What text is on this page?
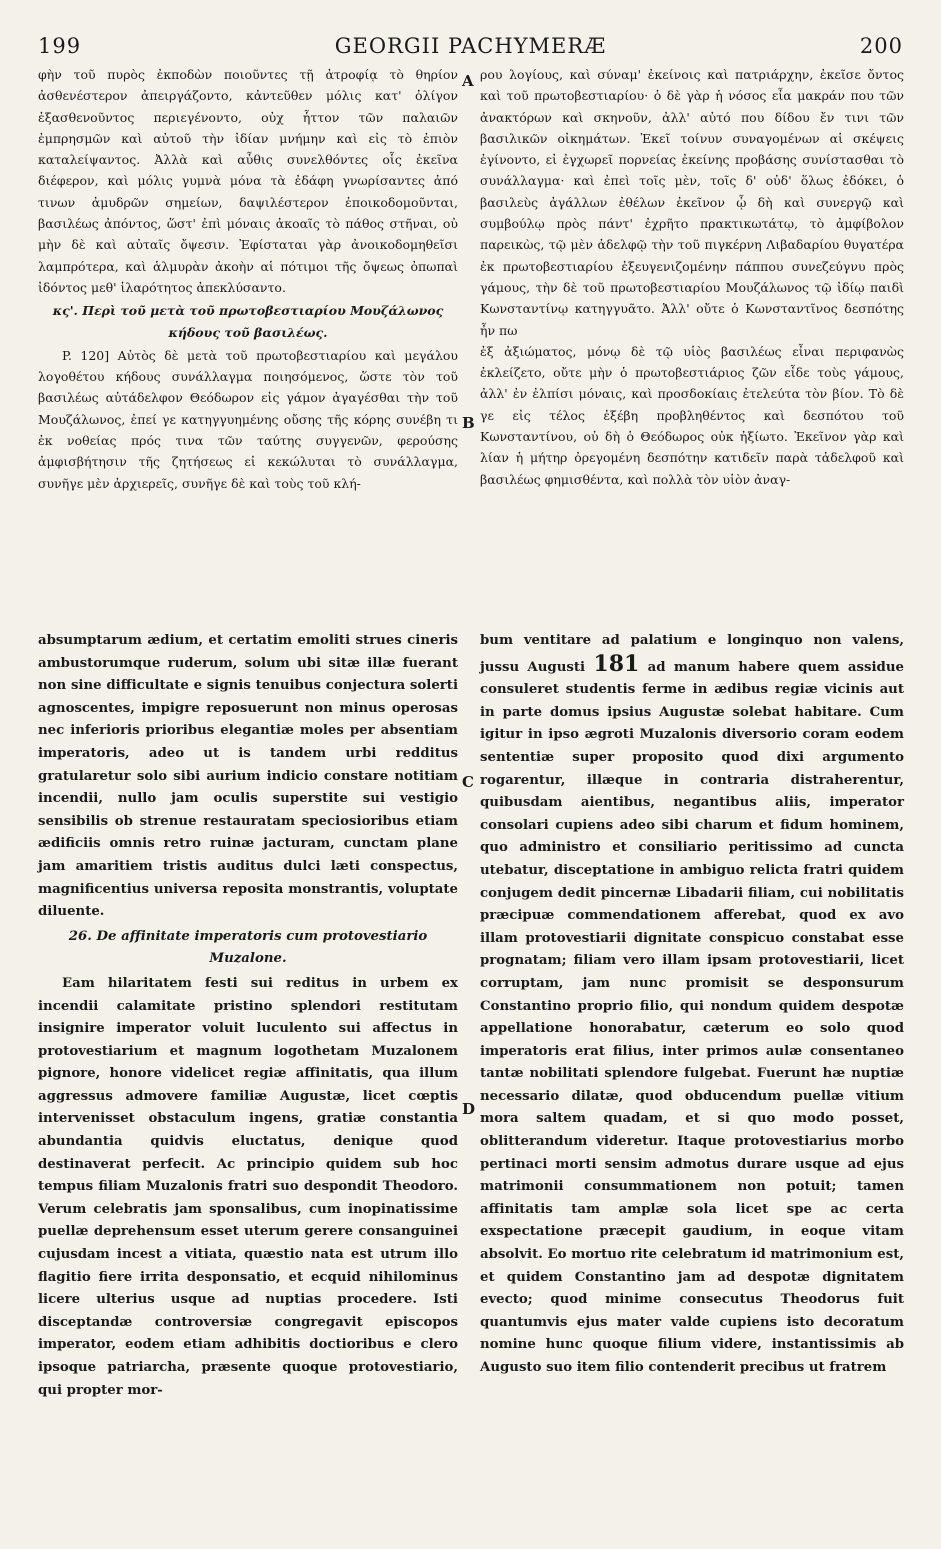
199	GEORGII PACHYMERÆ	200
A
B
C
D

φὴν τοῦ πυρὸς ἐκποδὼν ποιοῦντες τῇ ἀτροφίᾳ τὸ θηρίον ἀσθενέστερον ἀπειργάζοντο, κἀντεῦθεν μόλις κατ' ὀλίγον ἐξασθενοῦντος περιεγένοντο, οὐχ ἧττον τῶν παλαιῶν ἐμπρησμῶν καὶ αὐτοῦ τὴν ἰδίαν μνήμην καὶ εἰς τὸ ἐπιὸν καταλείψαντος. Ἀλλὰ καὶ αὖθις συνελθόντες οἷς ἐκεῖνα διέφερον, καὶ μόλις γυμνὰ μόνα τὰ ἐδάφη γνωρίσαντες ἀπό τινων ἀμυδρῶν σημείων, δαψιλέστερον ἐποικοδομοῦνται, βασιλέως ἀπόντος, ὥστ' ἐπὶ μόναις ἀκοαῖς τὸ πάθος στῆναι, οὐ μὴν δὲ καὶ αὐταῖς ὄψεσιν. Ἐφίσταται γὰρ ἀνοικοδομηθεῖσι λαμπρότερα, καὶ ἁλμυρὰν ἀκοὴν αἱ πότιμοι τῆς ὄψεως ὀπωπαὶ ἰδόντος μεθ' ἱλαρότητος ἀπεκλύσαντο.

κς'. Περὶ τοῦ μετὰ τοῦ πρωτοβεστιαρίου Μουζάλωνος κήδους τοῦ βασιλέως.

P. 120] Αὐτὸς δὲ μετὰ τοῦ πρωτοβεστιαρίου καὶ μεγάλου λογοθέτου κήδους συνάλλαγμα ποιησόμενος, ὥστε τὸν τοῦ βασιλέως αὐτάδελφον Θεόδωρον εἰς γάμον ἀγαγέσθαι τὴν τοῦ Μουζάλωνος, ἐπεί γε κατηγγυημένης οὔσης τῆς κόρης συνέβη τι ἐκ νοθείας πρός τινα τῶν ταύτης συγγενῶν, φερούσης ἀμφισβήτησιν τῆς ζητήσεως εἰ κεκώλυται τὸ συνάλλαγμα, συνῆγε μὲν ἀρχιερεῖς, συνῆγε δὲ καὶ τοὺς τοῦ κλή-

ρου λογίους, καὶ σύναμ' ἐκείνοις καὶ πατριάρχην, ἐκεῖσε ὄντος καὶ τοῦ πρωτοβεστιαρίου· ὁ δὲ γὰρ ἡ νόσος εἶα μακράν που τῶν ἀνακτόρων καὶ σκηνοῦν, ἀλλ' αὐτό που δίδου ἔν τινι τῶν βασιλικῶν οἰκημάτων. Ἐκεῖ τοίνυν συναγομένων αἱ σκέψεις ἐγίνοντο, εἰ ἐγχωρεῖ πορνείας ἐκείνης προβάσης συνίστασθαι τὸ συνάλλαγμα· καὶ ἐπεὶ τοῖς μὲν, τοῖς δ' οὐδ' ὅλως ἐδόκει, ὁ βασιλεὺς ἀγάλλων ἐθέλων ἐκεῖνον ᾧ δὴ καὶ συνεργῷ καὶ συμβούλῳ πρὸς πάντ' ἐχρῆτο πρακτικωτάτῳ, τὸ ἀμφίβολον παρεικὼς, τῷ μὲν ἀδελφῷ τὴν τοῦ πιγκέρνη Λιβαδαρίου θυγατέρα ἐκ πρωτοβεστιαρίου ἐξευγενιζομένην πάππου συνεζεύγνυ πρὸς γάμους, τὴν δὲ τοῦ πρωτοβεστιαρίου Μουζάλωνος τῷ ἰδίῳ παιδὶ Κωνσταντίνῳ κατηγγυᾶτο. Ἀλλ' οὔτε ὁ Κωνσταντῖνος δεσπότης ἦν πω

ἐξ ἀξιώματος, μόνῳ δὲ τῷ υἱὸς βασιλέως εἶναι περιφανὼς ἐκλείζετο, οὔτε μὴν ὁ πρωτοβεστιάριος ζῶν εἶδε τοὺς γάμους, ἀλλ' ἐν ἐλπίσι μόναις, καὶ προσδοκίαις ἐτελεύτα τὸν βίον. Τὸ δὲ γε εἰς τέλος ἐξέβη προβληθέντος καὶ δεσπότου τοῦ Κωνσταντίνου, οὐ δὴ ὁ Θεόδωρος οὐκ ἠξίωτο. Ἐκεῖνον γὰρ καὶ λίαν ἡ μήτηρ ὀρεγομένη δεσπότην κατιδεῖν παρὰ τἀδελφοῦ καὶ βασιλέως φημισθέντα, καὶ πολλὰ τὸν υἱὸν ἀναγ-

absumptarum ædium, et certatim emoliti strues cineris ambustorumque ruderum, solum ubi sitæ illæ fuerant non sine difficultate e signis tenuibus conjectura solerti agnoscentes, impigre reposuerunt non minus operosas nec inferioris prioribus elegantiæ moles per absentiam imperatoris, adeo ut is tandem urbi redditus gratularetur solo sibi aurium indicio constare notitiam incendii, nullo jam oculis superstite sui vestigio sensibilis ob strenue restauratam speciosioribus etiam ædificiis omnis retro ruinæ jacturam, cunctam plane jam amaritiem tristis auditus dulci læti conspectus, magnificentius universa reposita monstrantis, voluptate diluente.

26. De affinitate imperatoris cum protovestiario Muzalone.

Eam hilaritatem festi sui reditus in urbem ex incendii calamitate pristino splendori restitutam insignire imperator voluit luculento sui affectus in protovestiarium et magnum logothetam Muzalonem pignore, honore videlicet regiæ affinitatis, qua illum aggressus admovere familiæ Augustæ, licet cœptis intervenisset obstaculum ingens, gratiæ constantia abundantia quidvis eluctatus, denique quod destinaverat perfecit. Ac principio quidem sub hoc tempus filiam Muzalonis fratri suo despondit Theodoro. Verum celebratis jam sponsalibus, cum inopinatissime puellæ deprehensum esset uterum gerere consanguinei cujusdam incest a vitiata, quæstio nata est utrum illo flagitio fiere irrita desponsatio, et ecquid nihilominus licere ulterius usque ad nuptias procedere. Isti disceptandæ controversiæ congregavit episcopos imperator, eodem etiam adhibitis doctioribus e clero ipsoque patriarcha, præsente quoque protovestiario, qui propter mor-

bum ventitare ad palatium e longinquo non valens, jussu Augusti 181 ad manum habere quem assidue consuleret studentis ferme in ædibus regiæ vicinis aut in parte domus ipsius Augustæ solebat habitare. Cum igitur in ipso ægroti Muzalonis diversorio coram eodem sententiæ super proposito quod dixi argumento rogarentur, illæque in contraria distraherentur, quibusdam aientibus, negantibus aliis, imperator consolari cupiens adeo sibi charum et fidum hominem, quo administro et consiliario peritissimo ad cuncta utebatur, disceptatione in ambiguo relicta fratri quidem conjugem dedit pincernæ Libadarii filiam, cui nobilitatis præcipuæ commendationem afferebat, quod ex avo illam protovestiarii dignitate conspicuo constabat esse prognatam; filiam vero illam ipsam protovestiarii, licet corruptam, jam nunc promisit se desponsurum Constantino proprio filio, qui nondum quidem despotæ appellatione honorabatur, cæterum eo solo quod imperatoris erat filius, inter primos aulæ consentaneo tantæ nobilitati splendore fulgebat. Fuerunt hæ nuptiæ necessario dilatæ, quod obducendum puellæ vitium mora saltem quadam, et si quo modo posset, oblitterandum videretur. Itaque protovestiarius morbo pertinaci morti sensim admotus durare usque ad ejus matrimonii consummationem non potuit; tamen affinitatis tam amplæ sola licet spe ac certa exspectatione præcepit gaudium, in eoque vitam absolvit. Eo mortuo rite celebratum id matrimonium est, et quidem Constantino jam ad despotæ dignitatem evecto; quod minime consecutus Theodorus fuit quantumvis ejus mater valde cupiens isto decoratum nomine hunc quoque filium videre, instantissimis ab Augusto suo item filio contenderit precibus ut fratrem
